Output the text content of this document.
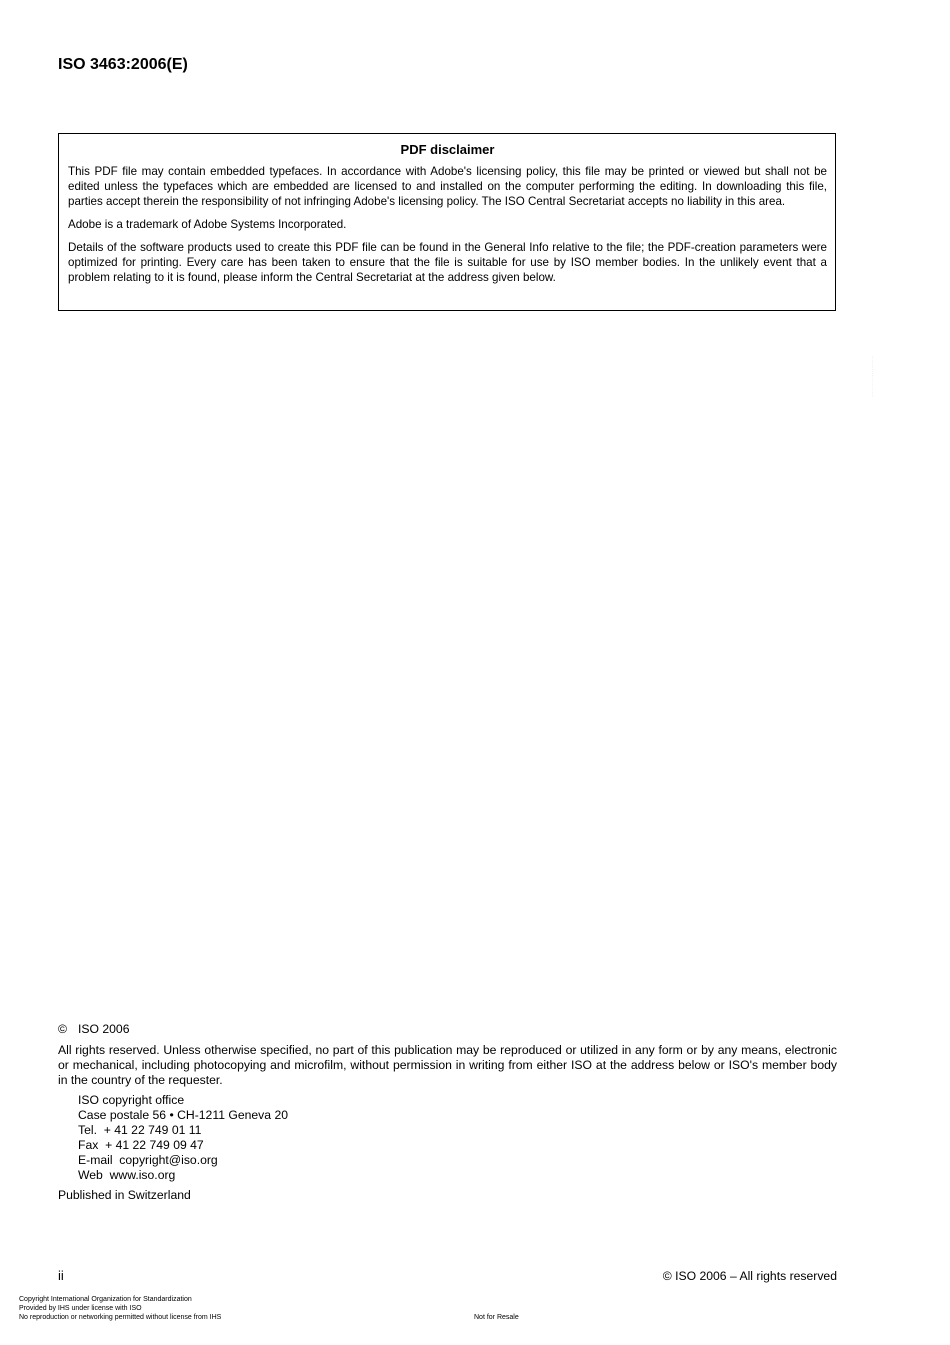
ISO 3463:2006(E)
PDF disclaimer

This PDF file may contain embedded typefaces. In accordance with Adobe's licensing policy, this file may be printed or viewed but shall not be edited unless the typefaces which are embedded are licensed to and installed on the computer performing the editing. In downloading this file, parties accept therein the responsibility of not infringing Adobe's licensing policy. The ISO Central Secretariat accepts no liability in this area.

Adobe is a trademark of Adobe Systems Incorporated.

Details of the software products used to create this PDF file can be found in the General Info relative to the file; the PDF-creation parameters were optimized for printing. Every care has been taken to ensure that the file is suitable for use by ISO member bodies. In the unlikely event that a problem relating to it is found, please inform the Central Secretariat at the address given below.

....................
© ISO 2006
All rights reserved. Unless otherwise specified, no part of this publication may be reproduced or utilized in any form or by any means, electronic or mechanical, including photocopying and microfilm, without permission in writing from either ISO at the address below or ISO's member body in the country of the requester.
ISO copyright office
Case postale 56 • CH-1211 Geneva 20
Tel.  + 41 22 749 01 11
Fax  + 41 22 749 09 47
E-mail  copyright@iso.org
Web  www.iso.org
Published in Switzerland
ii	© ISO 2006 – All rights reserved
Copyright International Organization for Standardization
Provided by IHS under license with ISO
No reproduction or networking permitted without license from IHS	Not for Resale
